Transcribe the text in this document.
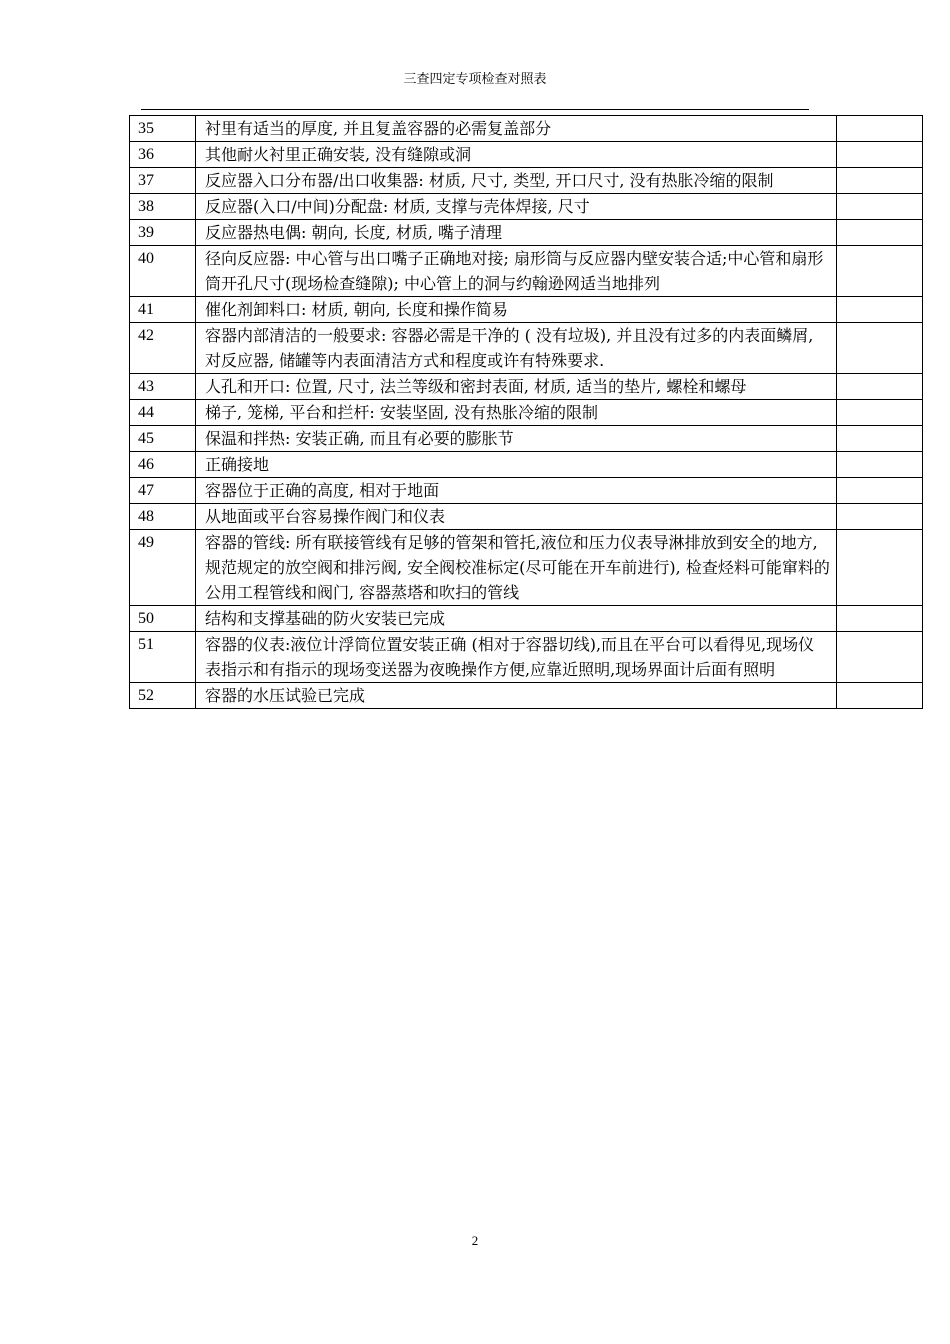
三查四定专项检查对照表
35	衬里有适当的厚度, 并且复盖容器的必需复盖部分	
36	其他耐火衬里正确安装, 没有缝隙或洞	
37	反应器入口分布器/出口收集器: 材质, 尺寸, 类型, 开口尺寸, 没有热胀冷缩的限制	
38	反应器(入口/中间)分配盘: 材质, 支撑与壳体焊接, 尺寸	
39	反应器热电偶: 朝向, 长度, 材质, 嘴子清理	
40	径向反应器: 中心管与出口嘴子正确地对接; 扇形筒与反应器内壁安装合适;中心管和扇形筒开孔尺寸(现场检查缝隙); 中心管上的洞与约翰逊网适当地排列	
41	催化剂卸料口: 材质, 朝向, 长度和操作简易	
42	容器内部清洁的一般要求: 容器必需是干净的 ( 没有垃圾), 并且没有过多的内表面鳞屑, 对反应器, 储罐等内表面清洁方式和程度或许有特殊要求.	
43	人孔和开口: 位置, 尺寸, 法兰等级和密封表面, 材质, 适当的垫片, 螺栓和螺母	
44	梯子, 笼梯, 平台和拦杆: 安装坚固, 没有热胀冷缩的限制	
45	保温和拌热: 安装正确, 而且有必要的膨胀节	
46	正确接地	
47	容器位于正确的高度, 相对于地面	
48	从地面或平台容易操作阀门和仪表	
49	容器的管线: 所有联接管线有足够的管架和管托,液位和压力仪表导淋排放到安全的地方, 规范规定的放空阀和排污阀, 安全阀校准标定(尽可能在开车前进行), 检查烃料可能窜料的公用工程管线和阀门, 容器蒸塔和吹扫的管线	
50	结构和支撑基础的防火安装已完成	
51	容器的仪表:液位计浮筒位置安装正确 (相对于容器切线),而且在平台可以看得见,现场仪表指示和有指示的现场变送器为夜晚操作方便,应靠近照明,现场界面计后面有照明	
52	容器的水压试验已完成	
2
